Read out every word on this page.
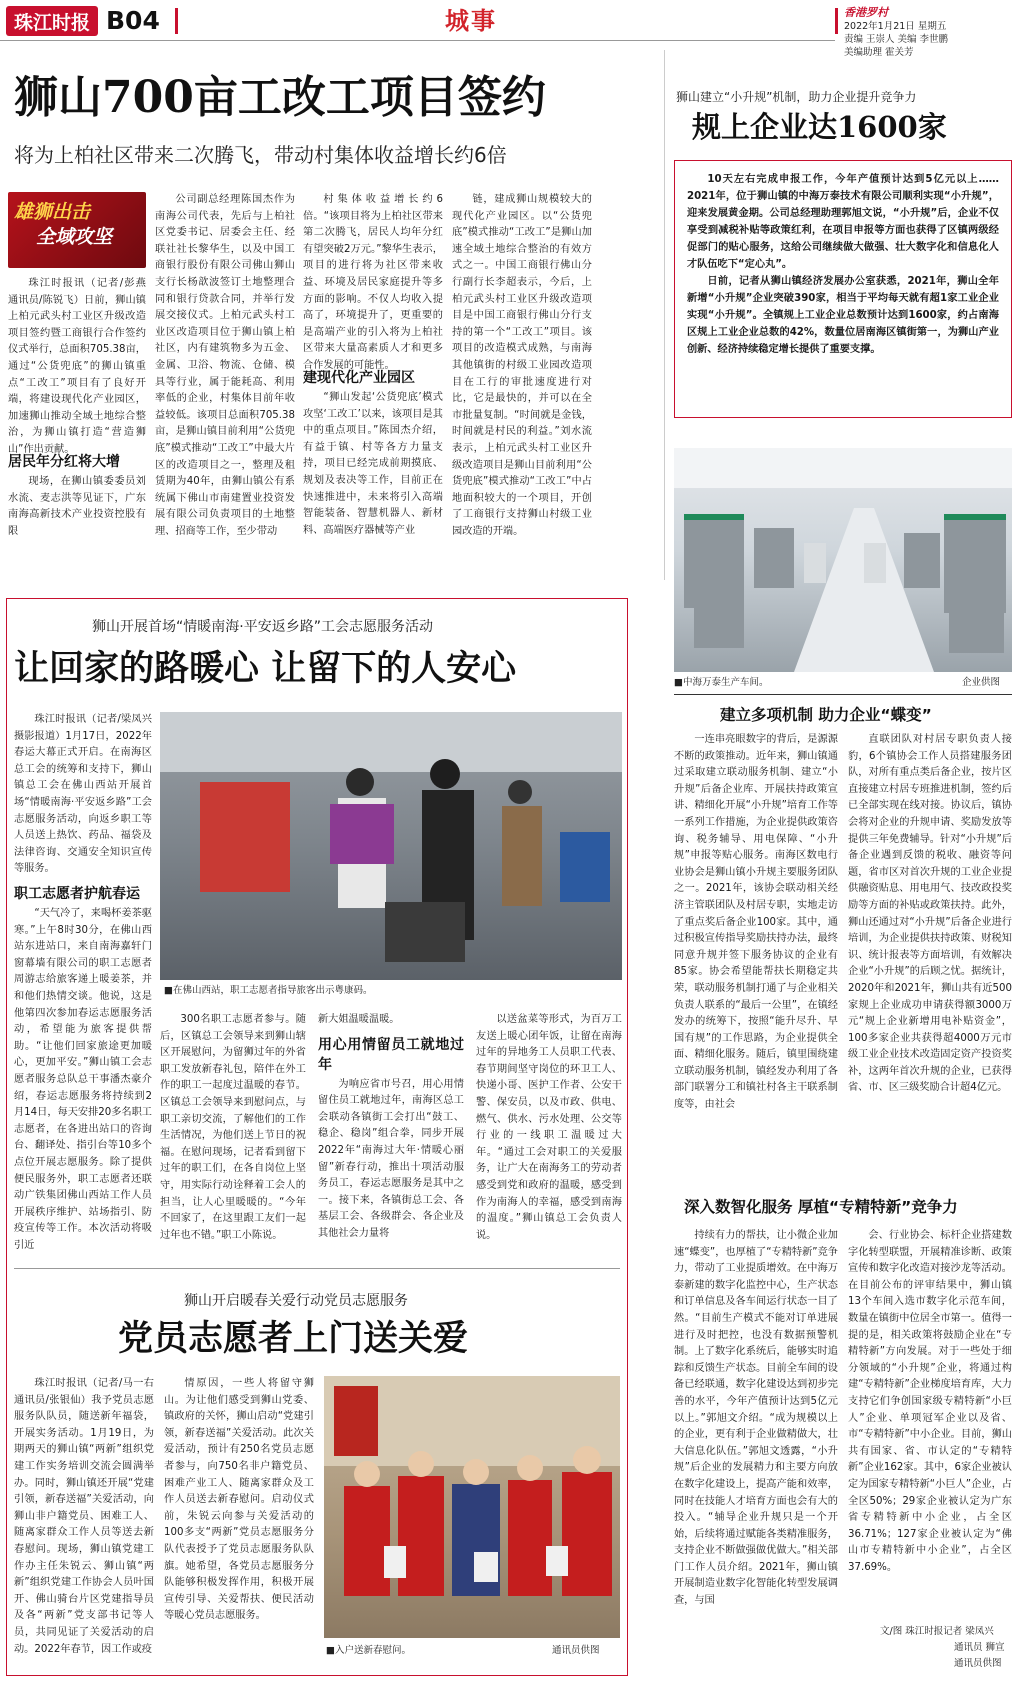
珠江时报 B04	城事	香港罗村
2022年1月21日 星期五
责编 王崇人 美编 李世鹏
美编助理 霍关芳
狮山700亩工改工项目签约
将为上柏社区带来二次腾飞，带动村集体收益增长约6倍
雄狮出击
全域攻坚

珠江时报讯（记者/彭燕 通讯员/陈锐飞）日前，狮山镇上柏元武头村工业区升级改造项目签约暨工商银行合作签约仪式举行，总面积705.38亩，通过“公货兜底”的狮山镇重点“工改工”项目有了良好开端，将建设现代化产业园区，加速狮山推动全域土地综合整治，为狮山镇打造“营造狮山”作出贡献。

居民年分红将大增

现场，在狮山镇委委员刘水流、麦志洪等见证下，广东南海高新技术产业投资控股有限

公司副总经理陈国杰作为南海公司代表，先后与上柏社区党委书记、居委会主任、经联社社长黎华生，以及中国工商银行股份有限公司佛山狮山支行长杨歆波签订土地整理合同和银行贷款合同，并举行发展交接仪式。上柏元武头村工业区改造项目位于狮山镇上柏社区，内有建筑物多为五金、金属、卫浴、物流、仓储、模具等行业，属于能耗高、利用率低的企业，村集体目前年收益较低。该项目总面积705.38亩，是狮山镇目前利用“公货兜底”模式推动“工改工”中最大片区的改造项目之一，整理及租赁期为40年，由狮山镇公有系统属下佛山市南建置业投资发展有限公司负责项目的土地整理、招商等工作，至少带动

村集体收益增长约6倍。“该项目将为上柏社区带来第二次腾飞，居民人均年分红有望突破2万元。”黎华生表示，项目的进行将为社区带来收益、环境及居民家庭提升等多方面的影响。不仅人均收入提高了，环境提升了，更重要的是高端产业的引入将为上柏社区带来大量高素质人才和更多合作发展的可能性。

建现代化产业园区

“狮山发起‘公货兜底’模式攻坚‘工改工’以来，该项目是其中的重点项目。”陈国杰介绍，有益于镇、村等各方力量支持，项目已经完成前期摸底、规划及表决等工作，目前正在快速推进中，未来将引入高端智能装备、智慧机器人、新材料、高端医疗器械等产业

链，建成狮山规模较大的现代化产业园区。以“公货兜底”模式推动“工改工”是狮山加速全域土地综合整治的有效方式之一。中国工商银行佛山分行副行长李超表示，今后，上柏元武头村工业区升级改造项目是中国工商银行佛山分行支持的第一个“工改工”项目。该项目的改造模式成熟，与南海其他镇街的村级工业园改造项目在工行的审批速度进行对比，它是最快的，并可以在全市批量复制。“时间就是金钱，时间就是村民的利益。”刘水流表示，上柏元武头村工业区升级改造项目是狮山目前利用“公货兜底”模式推动“工改工”中占地面积较大的一个项目，开创了工商银行支持狮山村级工业园改造的开端。

狮山建立“小升规”机制，助力企业提升竞争力
规上企业达1600家

10天左右完成申报工作，今年产值预计达到5亿元以上……2021年，位于狮山镇的中海万泰技术有限公司顺利实现“小升规”，迎来发展黄金期。公司总经理助理郭旭文说，“小升规”后，企业不仅享受到减税补贴等政策红利，在项目申报等方面也获得了区镇两级经促部门的贴心服务，这给公司继续做大做强、壮大数字化和信息化人才队伍吃下“定心丸”。

日前，记者从狮山镇经济发展办公室获悉，2021年，狮山全年新增“小升规”企业突破390家，相当于平均每天就有超1家工业企业实现“小升规”。全镇规上工业企业总数预计达到1600家，约占南海区规上工业企业总数的42%，数量位居南海区镇街第一，为狮山产业创新、经济持续稳定增长提供了重要支撑。

■中海万泰生产车间。	企业供图
建立多项机制 助力企业“蝶变”

一连串亮眼数字的背后，是源源不断的政策推动。近年来，狮山镇通过采取建立联动服务机制、建立“小升规”后备企业库、开展扶持政策宣讲、精细化开展“小升规”培育工作等一系列工作措施，为企业提供政策咨询、税务辅导、用电保障、“小升规”申报等贴心服务。南海区数电行业协会是狮山镇小升规主要服务团队之一。2021年，该协会联动相关经济主管联团队及村居专职，实地走访了重点奖后备企业100家。其中，通过积极宣传指导奖励扶持办法，最终同意升规并签下服务协议的企业有85家。协会希望能帮扶长期稳定共荣，联动服务机制打通了与企业相关负责人联系的“最后一公里”，在镇经发办的统筹下，按照“能升尽升、早国有规”的工作思路，为企业提供全面、精细化服务。随后，镇里围绕建立联动服务机制，镇经发办利用了各部门联署分工和镇社村各主干联系制度等，由社会

直联团队对村居专职负责人接豹，6个镇协会工作人员搭建服务团队，对所有重点类后备企业，按片区直接建立村居专班推进机制，签约后已全部实现在线对接。协议后，镇协会将对企业的升规申请、奖励发放等提供三年免费辅导。针对“小升规”后备企业遇到反馈的税收、融资等问题，省市区对首次升规的工业企业提供融资贴息、用电用气、技改政投奖励等方面的补贴或政策扶持。此外，狮山还通过对“小升规”后备企业进行培训，为企业提供扶持政策、财税知识、统计报表等方面培训，有效解决企业“小升规”的后顾之忧。据统计，2020年和2021年，狮山共有近500家规上企业成功申请获得额3000万元“规上企业新增用电补贴资金”，100多家企业共获得超4000万元市级工业企业技术改造固定资产投资奖补，这两年首次升规的企业，已获得省、市、区三级奖励合计超4亿元。

深入数智化服务 厚植“专精特新”竞争力

持续有力的帮扶，让小微企业加速“蝶变”，也厚植了“专精特新”竞争力，带动了工业提质增效。在中海万泰新建的数字化监控中心，生产状态和订单信息及各车间运行状态一目了然。“目前生产模式不能对订单进展进行及时把控，也没有数据预警机制。上了数字化系统后，能够实时追踪和反馈生产状态。目前全车间的设备已经联通，数字化建设达到初步完善的水平，今年产值预计达到5亿元以上。”郭旭文介绍。“成为规模以上的企业，更有利于企业做精做大，壮大信息化队伍。”郭旭文透露，“小升规”后企业的发展精力和主要方向放在数字化建设上，提高产能和效率，同时在技能人才培育方面也会有大的投入。“辅导企业升规只是一个开始，后续将通过赋能各类精准服务，支持企业不断做强做优做大。”相关部门工作人员介绍。2021年，狮山镇开展制造业数字化智能化转型发展调查，与国

会、行业协会、标杆企业搭建数字化转型联盟，开展精准诊断、政策宣传和数字化改造对接沙龙等活动。在目前公布的评审结果中，狮山镇13个车间入选市数字化示范车间，数量在镇街中位居全市第一。值得一提的是，相关政策将鼓励企业在“专精特新”方向发展。对于一些处于细分领域的“小升规”企业，将通过构建“专精特新”企业梯度培育库，大力支持它们争创国家级专精特新“小巨人”企业、单项冠军企业以及省、市“专精特新”中小企业。目前，狮山共有国家、省、市认定的“专精特新”企业162家。其中，6家企业被认定为国家专精特新“小巨人”企业，占全区50%；29家企业被认定为广东省专精特新中小企业，占全区36.71%；127家企业被认定为“佛山市专精特新中小企业”，占全区37.69%。

文/图 珠江时报记者 梁凤兴
通讯员 狮宣
通讯员供图
狮山开展首场“情暖南海·平安返乡路”工会志愿服务活动
让回家的路暖心 让留下的人安心

珠江时报讯（记者/梁凤兴 摄影报道）1月17日，2022年春运大幕正式开启。在南海区总工会的统筹和支持下，狮山镇总工会在佛山西站开展首场“情暖南海·平安返乡路”工会志愿服务活动，向返乡职工等人员送上热饮、药品、福袋及法律咨询、交通安全知识宣传等服务。

职工志愿者护航春运

“天气冷了，来喝杯姜茶驱寒。”上午8时30分，在佛山西站东进站口，来自南海嘉轩门窗幕墙有限公司的职工志愿者周游志给旅客递上暖姜茶，并和他们热情交谈。他说，这是他第四次参加春运志愿服务活动，希望能为旅客提供帮助。“让他们回家旅途更加暖心，更加平安。”狮山镇工会志愿者服务总队总干事潘杰豪介绍，春运志愿服务将持续到2月14日，每天安排20多名职工志愿者，在各进出站口的咨询台、翻译处、指引台等10多个点位开展志愿服务。除了提供便民服务外，职工志愿者还联动广铁集团佛山西站工作人员开展秩序维护、站场指引、防疫宣传等工作。本次活动将吸引近

■在佛山西站，职工志愿者指导旅客出示粤康码。

300名职工志愿者参与。随后，区镇总工会领导来到狮山辖区开展慰问，为留狮过年的外省职工发放新春礼包，陪伴在外工作的职工一起度过温暖的春节。区镇总工会领导来到慰问点，与职工亲切交流，了解他们的工作生活情况，为他们送上节日的祝福。在慰问现场，记者看到留下过年的职工们，在各自岗位上坚守，用实际行动诠释着工会人的担当，让人心里暖暖的。“今年不回家了，在这里跟工友们一起过年也不错。”职工小陈说。

新大姐温暖温暖。

用心用情留员工就地过年

为响应省市号召，用心用情留住员工就地过年，南海区总工会联动各镇街工会打出“鼓工、稳企、稳岗”组合拳，同步开展2022年“南海过大年·情暖心丽留”新春行动，推出十项活动服务员工，春运志愿服务是其中之一。接下来，各镇街总工会、各基层工会、各级群会、各企业及其他社会力量将

以送盆菜等形式，为百万工友送上暖心团年饭，让留在南海过年的异地务工人员职工代表、春节期间坚守岗位的环卫工人、快递小哥、医护工作者、公安干警、保安员，以及市政、供电、燃气、供水、污水处理、公交等行业的一线职工温暖过大年。“通过工会对职工的关爱服务，让广大在南海务工的劳动者感受到党和政府的温暖，感受到作为南海人的幸福，感受到南海的温度。”狮山镇总工会负责人说。

狮山开启暖春关爱行动党员志愿服务
党员志愿者上门送关爱

珠江时报讯（记者/马一右 通讯员/张银仙）我予党员志愿服务队队员，随送新年福袋，开展实务活动。1月19日，为期两天的狮山镇“两新”组织党建工作实务培训交流会圆满举办。同时，狮山镇还开展“党建引领，新春送福”关爱活动，向狮山非户籍党员、困难工人、随离家群众工作人员等送去新春慰问。现场，狮山镇党建工作办主任朱锐云、狮山镇“两新”组织党建工作协会人员叶国开、佛山骑台片区党建指导员及各“两新”党支部书记等人员，共同见证了关爱活动的启动。2022年春节，因工作或疫

情原因，一些人将留守狮山。为让他们感受到狮山党委、镇政府的关怀，狮山启动“党建引领，新春送福”关爱活动。此次关爱活动，预计有250名党员志愿者参与，向750名非户籍党员、困难产业工人、随离家群众及工作人员送去新春慰问。启动仪式前，朱锐云向参与关爱活动的100多支“两新”党员志愿服务分队代表授予了党员志愿服务队队旗。她希望，各党员志愿服务分队能够积极发挥作用，积极开展宣传引导、关爱帮扶、便民活动等暖心党员志愿服务。

■入户送新春慰问。	通讯员供图
